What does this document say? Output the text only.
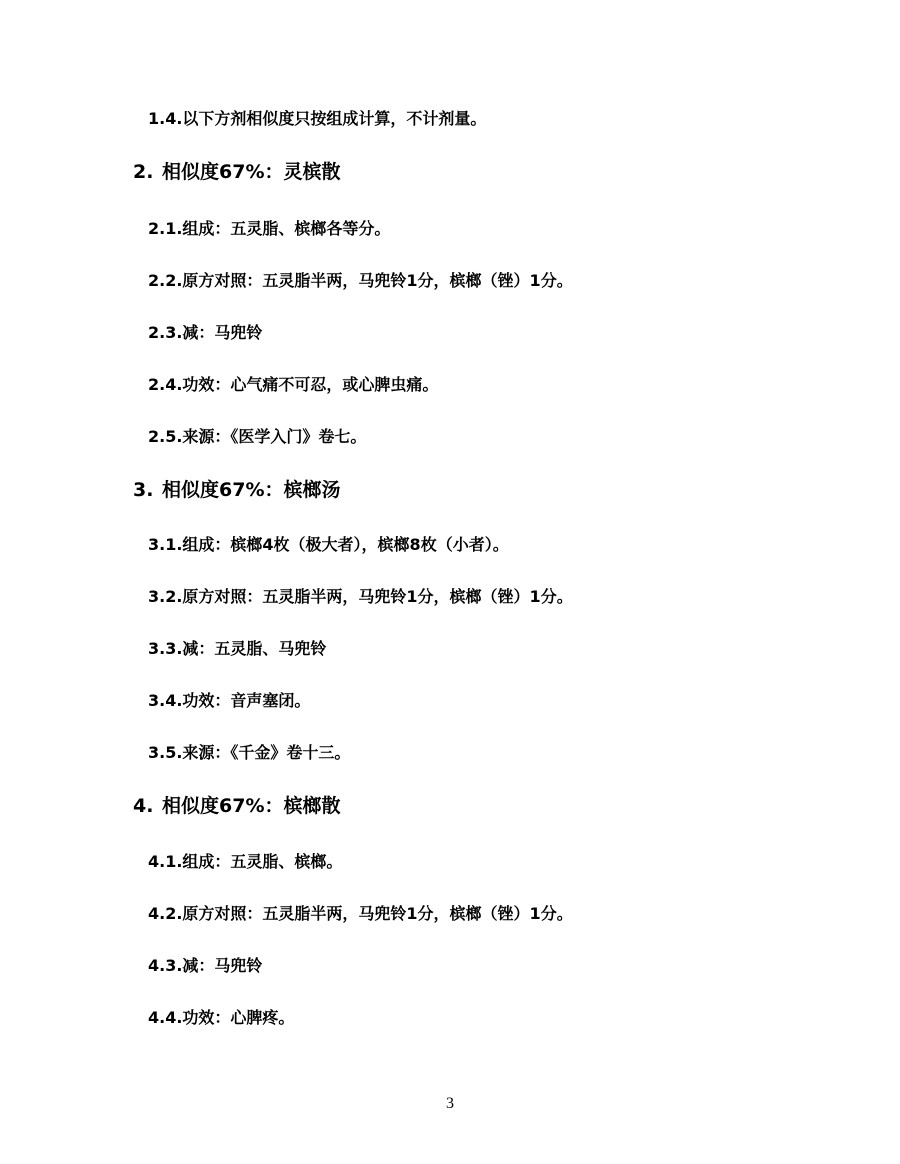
1.4.以下方剂相似度只按组成计算，不计剂量。
2. 相似度67%：灵槟散
2.1.组成：五灵脂、槟榔各等分。
2.2.原方对照：五灵脂半两，马兜铃1分，槟榔（锉）1分。
2.3.减：马兜铃
2.4.功效：心气痛不可忍，或心脾虫痛。
2.5.来源：《医学入门》卷七。
3. 相似度67%：槟榔汤
3.1.组成：槟榔4枚（极大者），槟榔8枚（小者）。
3.2.原方对照：五灵脂半两，马兜铃1分，槟榔（锉）1分。
3.3.减：五灵脂、马兜铃
3.4.功效：音声塞闭。
3.5.来源：《千金》卷十三。
4. 相似度67%：槟榔散
4.1.组成：五灵脂、槟榔。
4.2.原方对照：五灵脂半两，马兜铃1分，槟榔（锉）1分。
4.3.减：马兜铃
4.4.功效：心脾疼。
3
